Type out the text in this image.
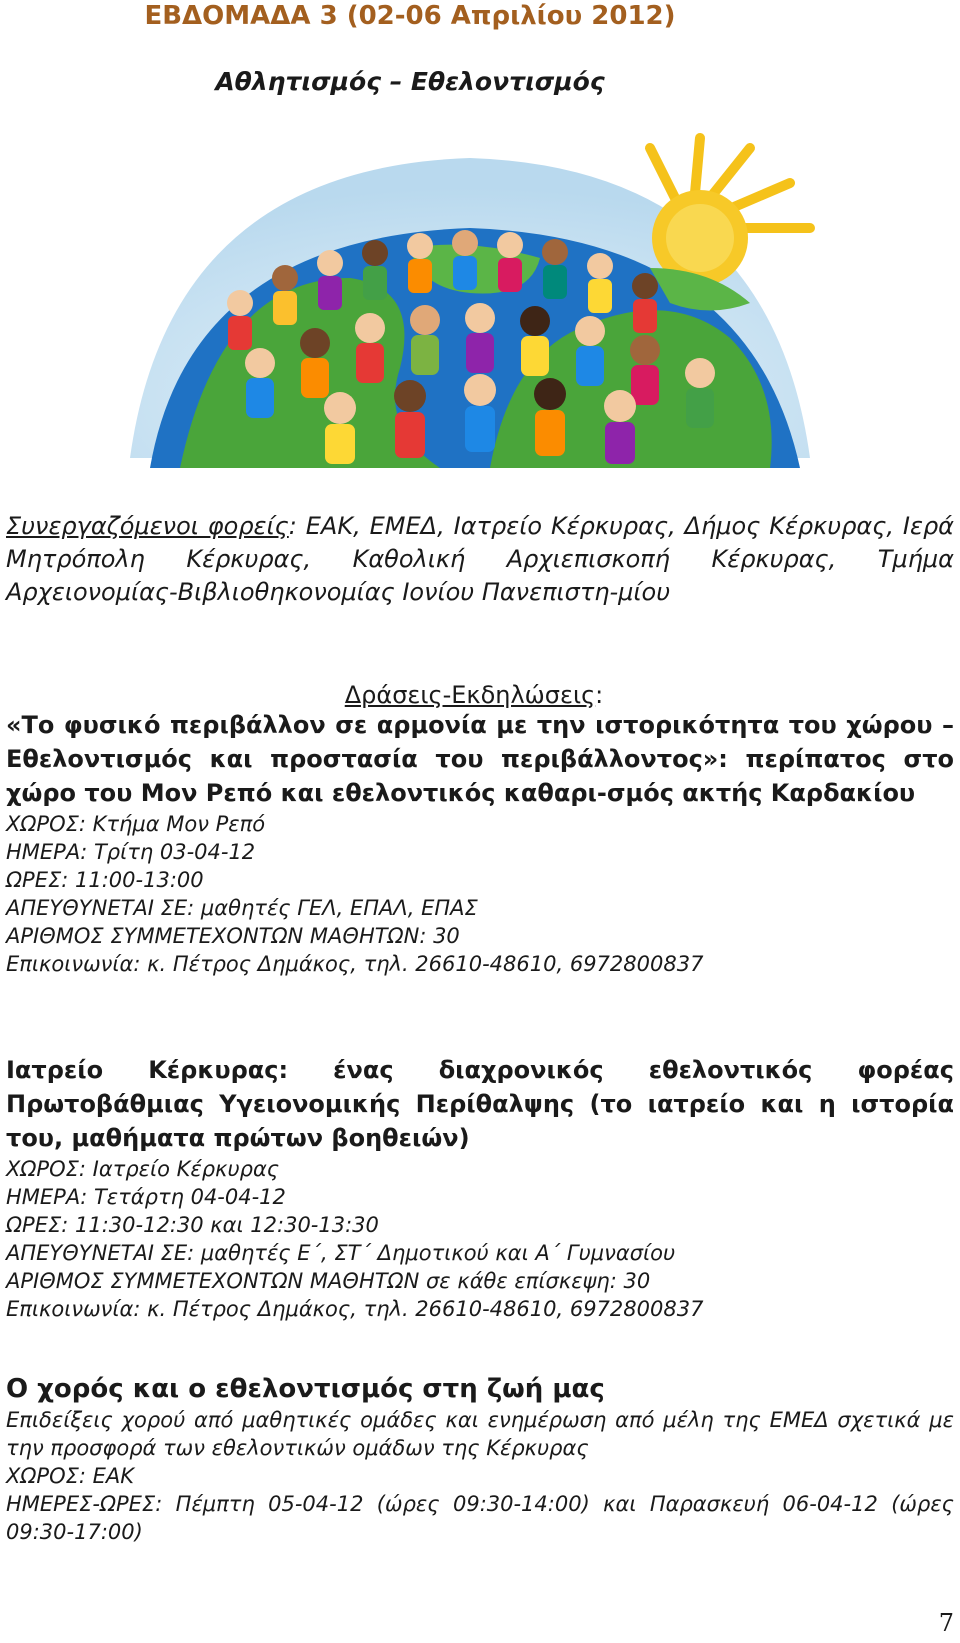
ΕΒΔΟΜΑΔΑ 3 (02-06 Απριλίου 2012)
Αθλητισμός – Εθελοντισμός
Συνεργαζόμενοι φορείς: ΕΑΚ, ΕΜΕΔ, Ιατρείο Κέρκυρας, Δήμος Κέρκυρας, Ιερά Μητρόπολη Κέρκυρας, Καθολική Αρχιεπισκοπή Κέρκυρας, Τμήμα Αρχειονομίας-Βιβλιοθηκονομίας Ιονίου Πανεπιστη-μίου
Δράσεις-Εκδηλώσεις:

«Το φυσικό περιβάλλον σε αρμονία με την ιστορικότητα του χώρου – Εθελοντισμός και προστασία του περιβάλλοντος»: περίπατος στο χώρο του Μον Ρεπό και εθελοντικός καθαρι-σμός ακτής Καρδακίου

ΧΩΡΟΣ: Κτήμα Μον Ρεπό

ΗΜΕΡΑ: Τρίτη 03-04-12

ΩΡΕΣ: 11:00-13:00

ΑΠΕΥΘΥΝΕΤΑΙ ΣΕ: μαθητές ΓΕΛ, ΕΠΑΛ, ΕΠΑΣ

ΑΡΙΘΜΟΣ ΣΥΜΜΕΤΕΧΟΝΤΩΝ ΜΑΘΗΤΩΝ: 30

Επικοινωνία: κ. Πέτρος Δημάκος, τηλ. 26610-48610, 6972800837

Ιατρείο Κέρκυρας: ένας διαχρονικός εθελοντικός φορέας Πρωτοβάθμιας Υγειονομικής Περίθαλψης (το ιατρείο και η ιστορία του, μαθήματα πρώτων βοηθειών)

ΧΩΡΟΣ: Ιατρείο Κέρκυρας

ΗΜΕΡΑ: Τετάρτη 04-04-12

ΩΡΕΣ: 11:30-12:30 και 12:30-13:30

ΑΠΕΥΘΥΝΕΤΑΙ ΣΕ: μαθητές Ε΄, ΣΤ΄ Δημοτικού και Α΄ Γυμνασίου

ΑΡΙΘΜΟΣ ΣΥΜΜΕΤΕΧΟΝΤΩΝ ΜΑΘΗΤΩΝ σε κάθε επίσκεψη: 30

Επικοινωνία: κ. Πέτρος Δημάκος, τηλ. 26610-48610, 6972800837

Ο χορός και ο εθελοντισμός στη ζωή μας

Επιδείξεις χορού από μαθητικές ομάδες και ενημέρωση από μέλη της ΕΜΕΔ σχετικά με την προσφορά των εθελοντικών ομάδων της Κέρκυρας

ΧΩΡΟΣ: ΕΑΚ

ΗΜΕΡΕΣ-ΩΡΕΣ: Πέμπτη 05-04-12 (ώρες 09:30-14:00) και Παρασκευή 06-04-12 (ώρες 09:30-17:00)

7
